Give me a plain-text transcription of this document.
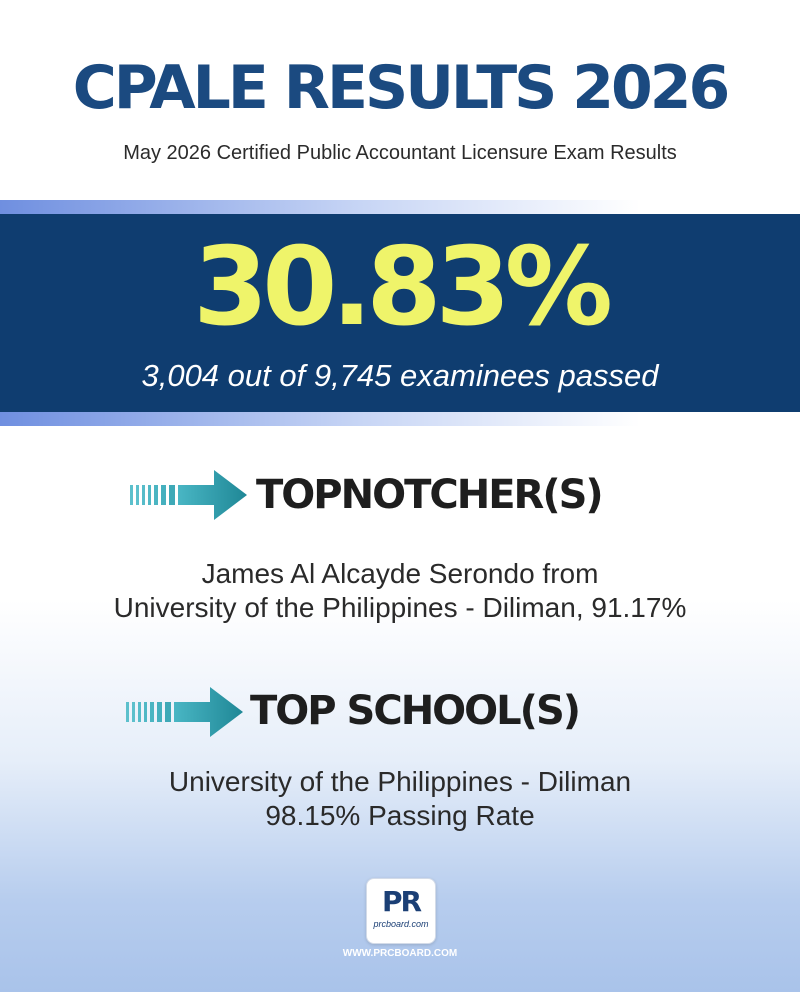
CPALE RESULTS 2026
May 2026 Certified Public Accountant Licensure Exam Results
30.83%
3,004 out of 9,745 examinees passed
TOPNOTCHER(S)
James Al Alcayde Serondo from
University of the Philippines - Diliman, 91.17%
TOP SCHOOL(S)
University of the Philippines - Diliman
98.15% Passing Rate
PR
prcboard.com
WWW.PRCBOARD.COM
